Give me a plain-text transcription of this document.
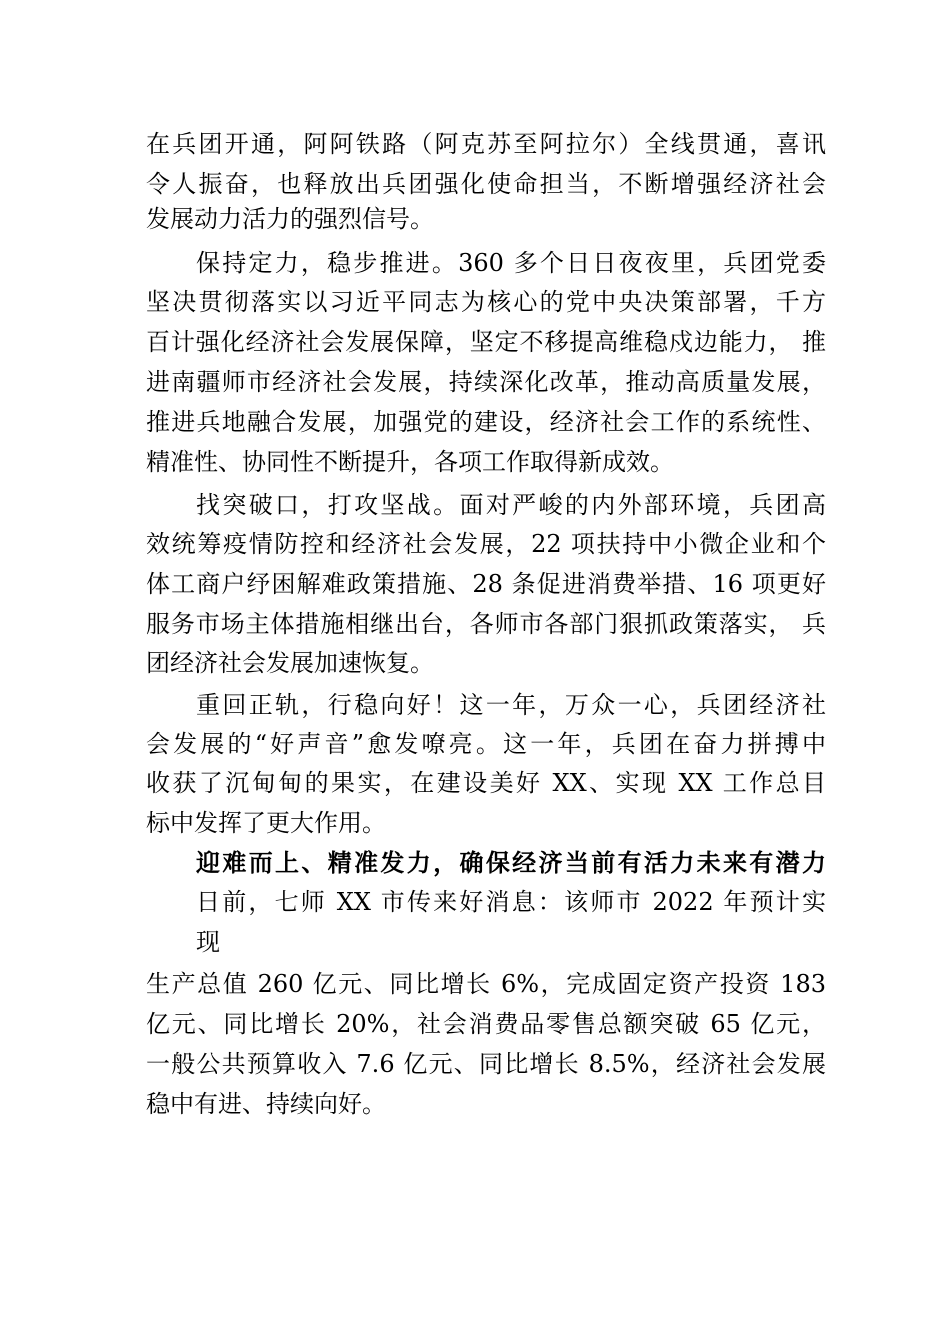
在兵团开通，阿阿铁路（阿克苏至阿拉尔）全线贯通，喜讯
令人振奋，也释放出兵团强化使命担当，不断增强经济社会
发展动力活力的强烈信号。
保持定力，稳步推进。360 多个日日夜夜里，兵团党委
坚决贯彻落实以习近平同志为核心的党中央决策部署，千方
百计强化经济社会发展保障，坚定不移提高维稳戍边能力， 推
进南疆师市经济社会发展，持续深化改革，推动高质量发展，
推进兵地融合发展，加强党的建设，经济社会工作的系统性、
精准性、协同性不断提升，各项工作取得新成效。
找突破口，打攻坚战。面对严峻的内外部环境，兵团高
效统筹疫情防控和经济社会发展，22 项扶持中小微企业和个
体工商户纾困解难政策措施、28 条促进消费举措、16 项更好
服务市场主体措施相继出台，各师市各部门狠抓政策落实， 兵
团经济社会发展加速恢复。
重回正轨，行稳向好！这一年，万众一心，兵团经济社
会发展的“好声音”愈发嘹亮。这一年，兵团在奋力拼搏中
收获了沉甸甸的果实，在建设美好 XX、实现 XX 工作总目
标中发挥了更大作用。
迎难而上、精准发力，确保经济当前有活力未来有潜力
日前，七师 XX 市传来好消息：该师市 2022 年预计实
现
生产总值 260 亿元、同比增长 6%，完成固定资产投资 183
亿元、同比增长 20%，社会消费品零售总额突破 65 亿元，
一般公共预算收入 7.6 亿元、同比增长 8.5%，经济社会发展
稳中有进、持续向好。
